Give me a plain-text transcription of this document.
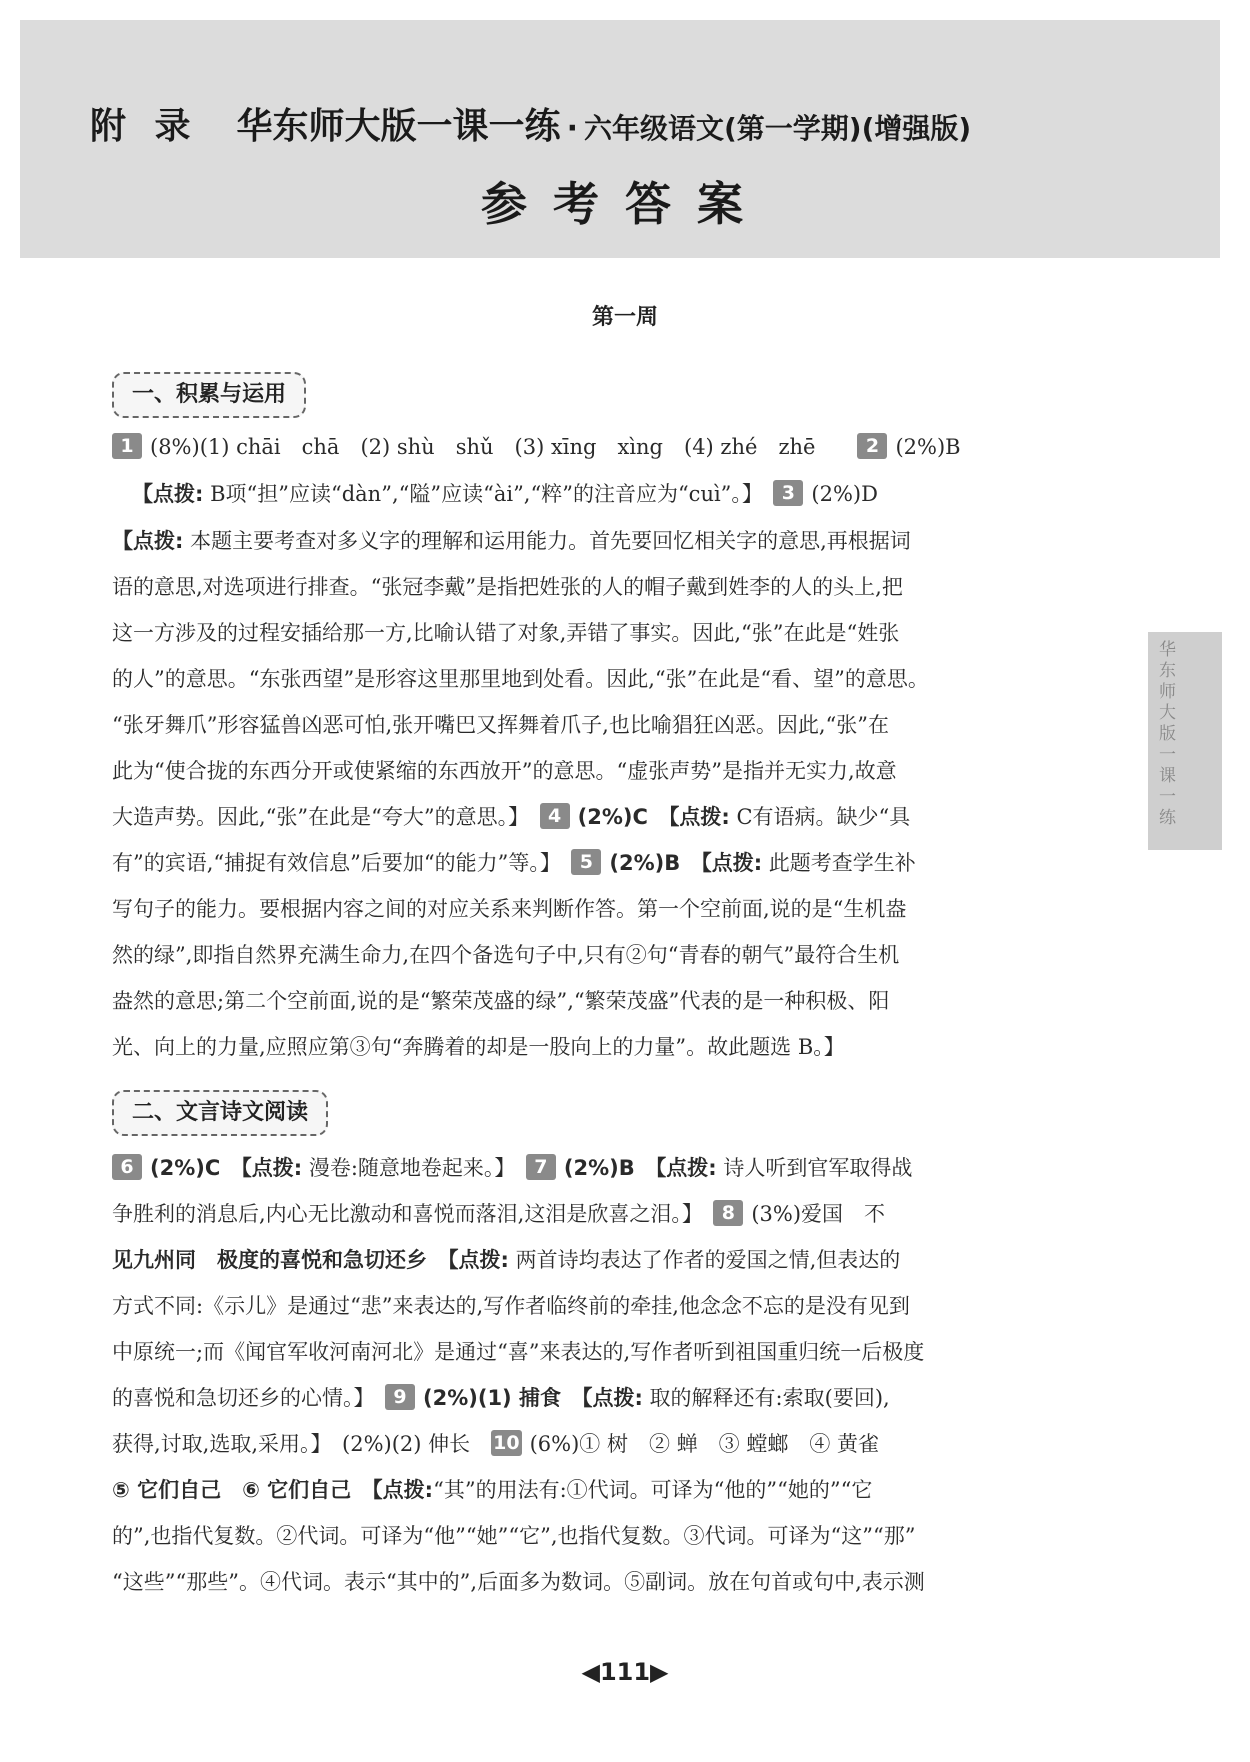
附 录 华东师大版一课一练 · 六年级语文(第一学期)(增强版)
参考答案
第一周
一、积累与运用
1 (8%)(1) chāi　chā　(2) shù　shǔ　(3) xīng　xìng　(4) zhé　zhē　　	2 (2%)B
【点拨: B项“担”应读“dàn”,“隘”应读“ài”,“粹”的注音应为“cuì”。】　 3 (2%)D
【点拨: 本题主要考查对多义字的理解和运用能力。首先要回忆相关字的意思,再根据词
语的意思,对选项进行排查。“张冠李戴”是指把姓张的人的帽子戴到姓李的人的头上,把
这一方涉及的过程安插给那一方,比喻认错了对象,弄错了事实。因此,“张”在此是“姓张
的人”的意思。“东张西望”是形容这里那里地到处看。因此,“张”在此是“看、望”的意思。
“张牙舞爪”形容猛兽凶恶可怕,张开嘴巴又挥舞着爪子,也比喻猖狂凶恶。因此,“张”在
此为“使合拢的东西分开或使紧缩的东西放开”的意思。“虚张声势”是指并无实力,故意
大造声势。因此,“张”在此是“夸大”的意思。】　 4 (2%)C　【点拨: C有语病。缺少“具
有”的宾语,“捕捉有效信息”后要加“的能力”等。】　 5 (2%)B　【点拨: 此题考查学生补
写句子的能力。要根据内容之间的对应关系来判断作答。第一个空前面,说的是“生机盎
然的绿”,即指自然界充满生命力,在四个备选句子中,只有②句“青春的朝气”最符合生机
盎然的意思;第二个空前面,说的是“繁荣茂盛的绿”,“繁荣茂盛”代表的是一种积极、阳
光、向上的力量,应照应第③句“奔腾着的却是一股向上的力量”。故此题选 B。】
二、文言诗文阅读
6 (2%)C　【点拨: 漫卷:随意地卷起来。】　 7 (2%)B　【点拨: 诗人听到官军取得战
争胜利的消息后,内心无比激动和喜悦而落泪,这泪是欣喜之泪。】　 8 (3%)爱国　不
见九州同　极度的喜悦和急切还乡　【点拨: 两首诗均表达了作者的爱国之情,但表达的
方式不同:《示儿》是通过“悲”来表达的,写作者临终前的牵挂,他念念不忘的是没有见到
中原统一;而《闻官军收河南河北》是通过“喜”来表达的,写作者听到祖国重归统一后极度
的喜悦和急切还乡的心情。】　 9 (2%)(1) 捕食　【点拨: 取的解释还有:索取(要回),
获得,讨取,选取,采用。】　(2%)(2) 伸长　 10 (6%)① 树　② 蝉　③ 螳螂　④ 黄雀
⑤ 它们自己　⑥ 它们自己　【点拨:“其”的用法有:①代词。可译为“他的”“她的”“它
的”,也指代复数。②代词。可译为“他”“她”“它”,也指代复数。③代词。可译为“这”“那”
“这些”“那些”。④代词。表示“其中的”,后面多为数词。⑤副词。放在句首或句中,表示测
华东师大版一课一练
◀111▶
